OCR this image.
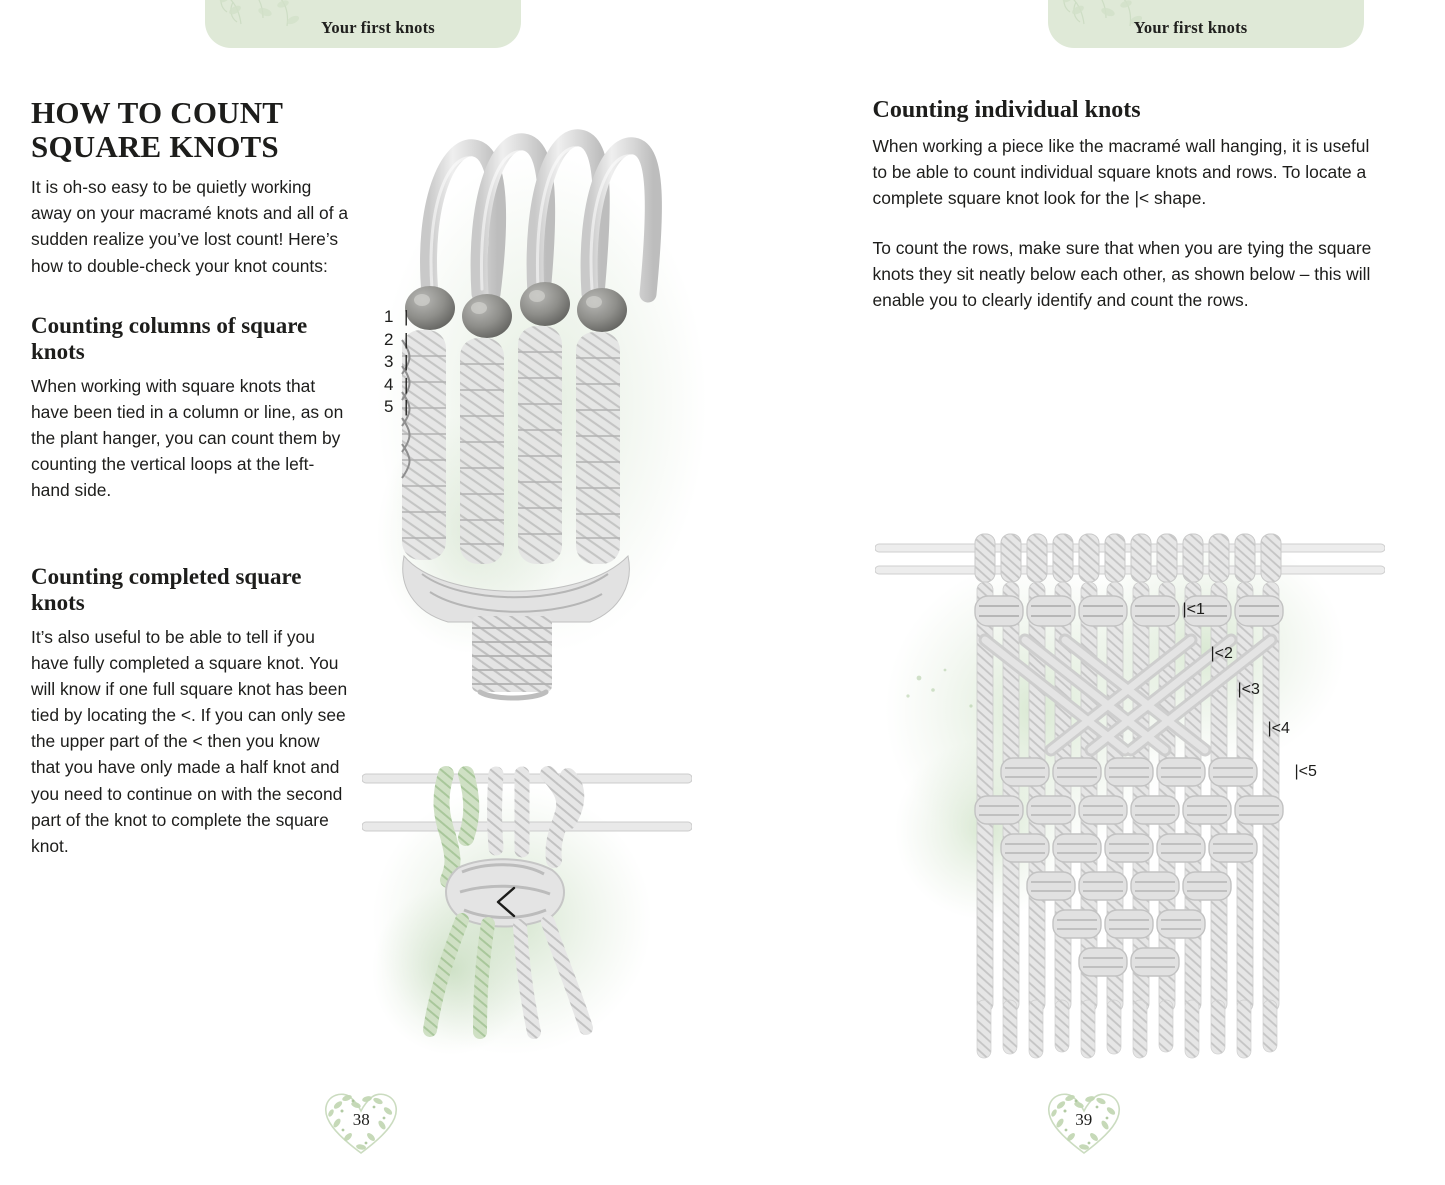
Your first knots
HOW TO COUNT SQUARE KNOTS

It is oh-so easy to be quietly working away on your macramé knots and all of a sudden realize you’ve lost count! Here’s how to double-check your knot counts:

Counting columns of square knots

When working with square knots that have been tied in a column or line, as on the plant hanger, you can count them by counting the vertical loops at the left-hand side.

Counting completed square knots

It’s also useful to be able to tell if you have fully completed a square knot. You will know if one full square knot has been tied by locating the <. If you can only see the upper part of the < then you know that you have only made a half knot and you need to continue on with the second part of the knot to complete the square knot.

1 |
2 |
3 |
4 |
5 |
38
Your first knots
Counting individual knots

When working a piece like the macramé wall hanging, it is useful to be able to count individual square knots and rows. To locate a complete square knot look for the |< shape.

To count the rows, make sure that when you are tying the square knots they sit neatly below each other, as shown below – this will enable you to clearly identify and count the rows.

|<1
|<2
|<3
|<4
|<5
39
